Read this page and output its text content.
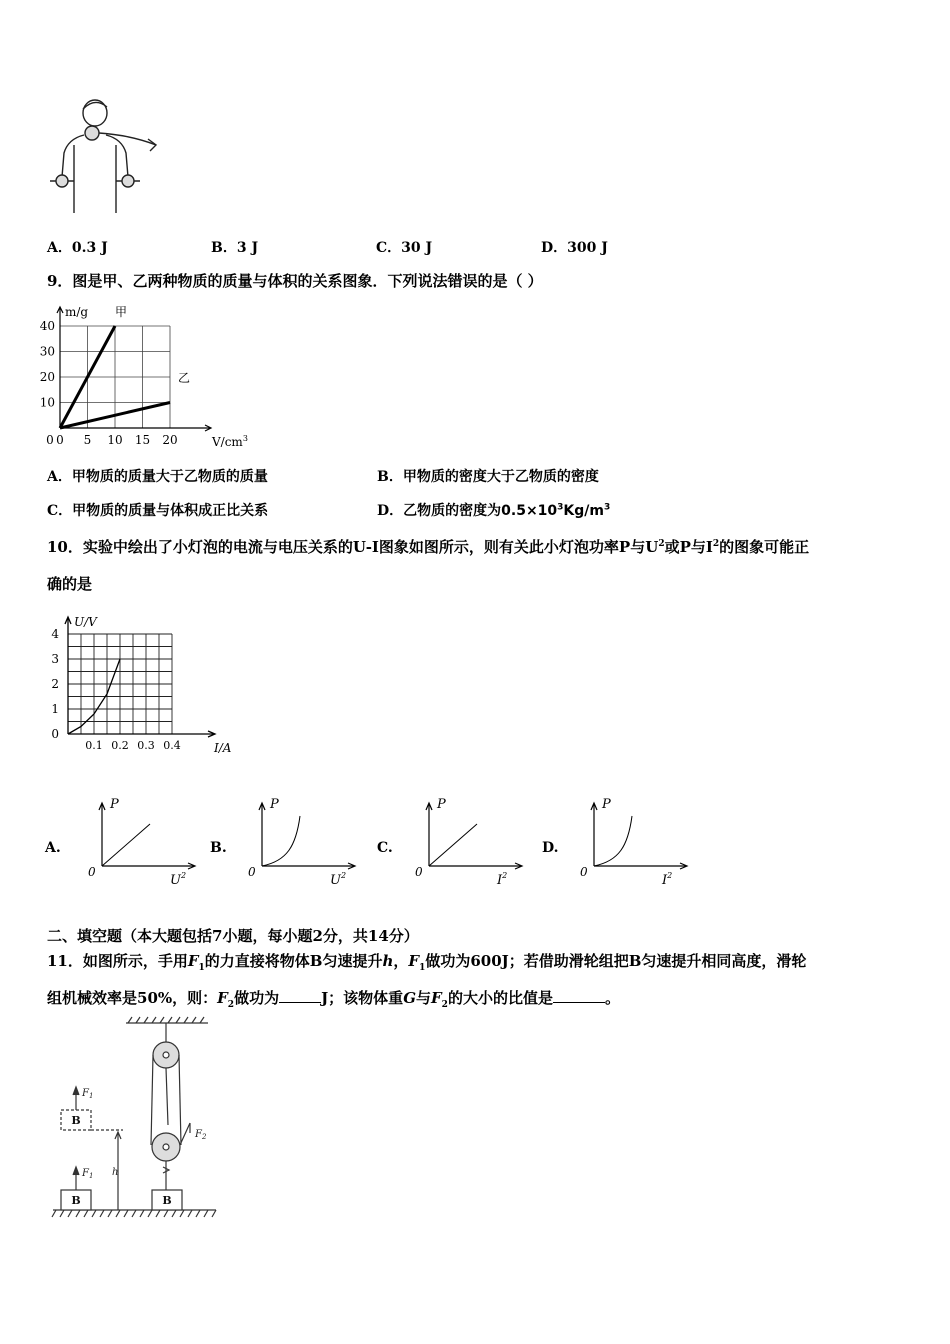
A．0.3 J	B．3 J	C．30 J	D．300 J
9．图是甲、乙两种物质的质量与体积的关系图象．下列说法错误的是（ ）
0 5 10 15 20
10
20
30
40
m/g
$V/cm^3$
甲
乙
0
A．甲物质的质量大于乙物质的质量	B．甲物质的密度大于乙物质的密度
C．甲物质的质量与体积成正比关系	D．乙物质的密度为$0.5\times 10^3Kg/m^3$
10．实验中绘出了小灯泡的电流与电压关系的U-I图象如图所示，则有关此小灯泡功率P与$U^2$或P与$I^2$的图象可能正
确的是
0.1 0.2 0.3 0.4
0
1
2
3
4
U/V
I/A
A.
P
0
$U^2$
B.
P
0
$U^2$
C.
P
0
$I^2$
D.
P
0
$I^2$
二、填空题（本大题包括7小题，每小题2分，共14分）
11．如图所示，手用$F_1$的力直接将物体B匀速提升h，$F_1$做功为600J；若借助滑轮组把B匀速提升相同高度，滑轮
组机械效率是50%，则：$F_2$做功为	J；该物体重G与$F_2$的大小的比值是	。
$F_1$
$F_1$
$F_2$
h
B	B
B
